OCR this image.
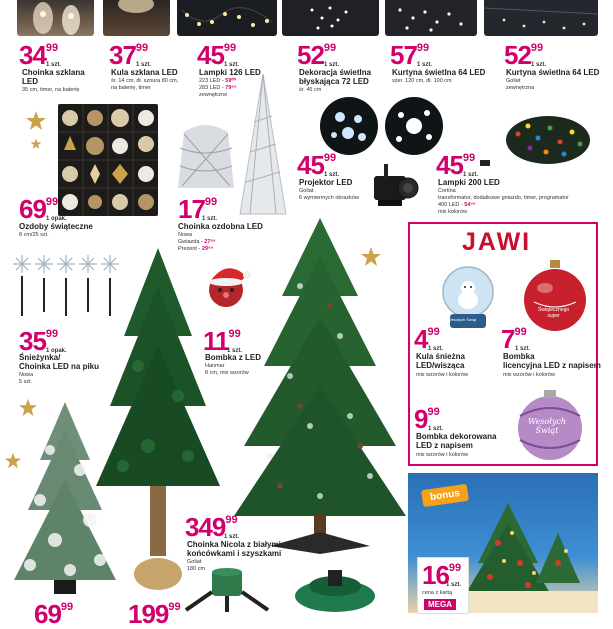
$34^{99}$
1 szt.
Choinka szklana
LED
35 cm, timer, na baterię
$37^{99}$
1 szt.
Kula szklana LED
śr. 14 cm, dł. sznura 80 cm,
na baterię, timer
$45^{99}$
1 szt.
Lampki 126 LED
223 LED - 59⁰⁰
283 LED - 79⁹⁹
zewnętrzne
$52^{99}$
1 szt.
Dekoracja świetlna
błyskająca 72 LED
śr. 45 cm
$57^{99}$
1 szt.
Kurtyna świetlna 64 LED
szer. 120 cm, dł. 100 cm
$52^{99}$
1 szt.
Kurtyna świetlna 64 LED
Goliat
zewnętrzna
$69^{99}$
1 opak.
Ozdoby świąteczne
8 cm/25 szt.
$17^{99}$
1 szt.
Choinka ozdobna LED
Nowa
Gwiazda - 27⁹⁹
Prezent - 29⁹⁹
$45^{99}$
1 szt.
Projektor LED
Goliat
6 wymiennych obrazków
$45^{99}$
1 szt.
Lampki 200 LED
Cortina
transformator, dodatkowe gniazdo, timer, programator
400 LED - 54⁹⁹
mix kolorów
$35^{99}$
1 opak.
Śnieżynka/
Choinka LED na piku
Nowa
5 szt.
$11^{99}$
1 szt.
Bombka z LED
Hanmar
8 cm, mix wzorów
$349^{99}$
1 szt.
Choinka Nicola z białymi
końcówkami i szyszkami
Goliat
180 cm
JAWI
Wesołych Świąt
Świątecznego
super
$4^{99}$
1 szt.
Kula śnieżna
LED/wisząca
mix wzorów i kolorów
$7^{99}$
1 szt.
Bombka
licencyjna LED z napisem
mix wzorów i kolorów
Wesołych
Świąt
$9^{99}$
1 szt.
Bombka dekorowana
LED z napisem
mix wzorów i kolorów
bonus
$16^{99}$
1 szt.
cena z kartą
MEGA
$69^{99}$ $199^{99}$
